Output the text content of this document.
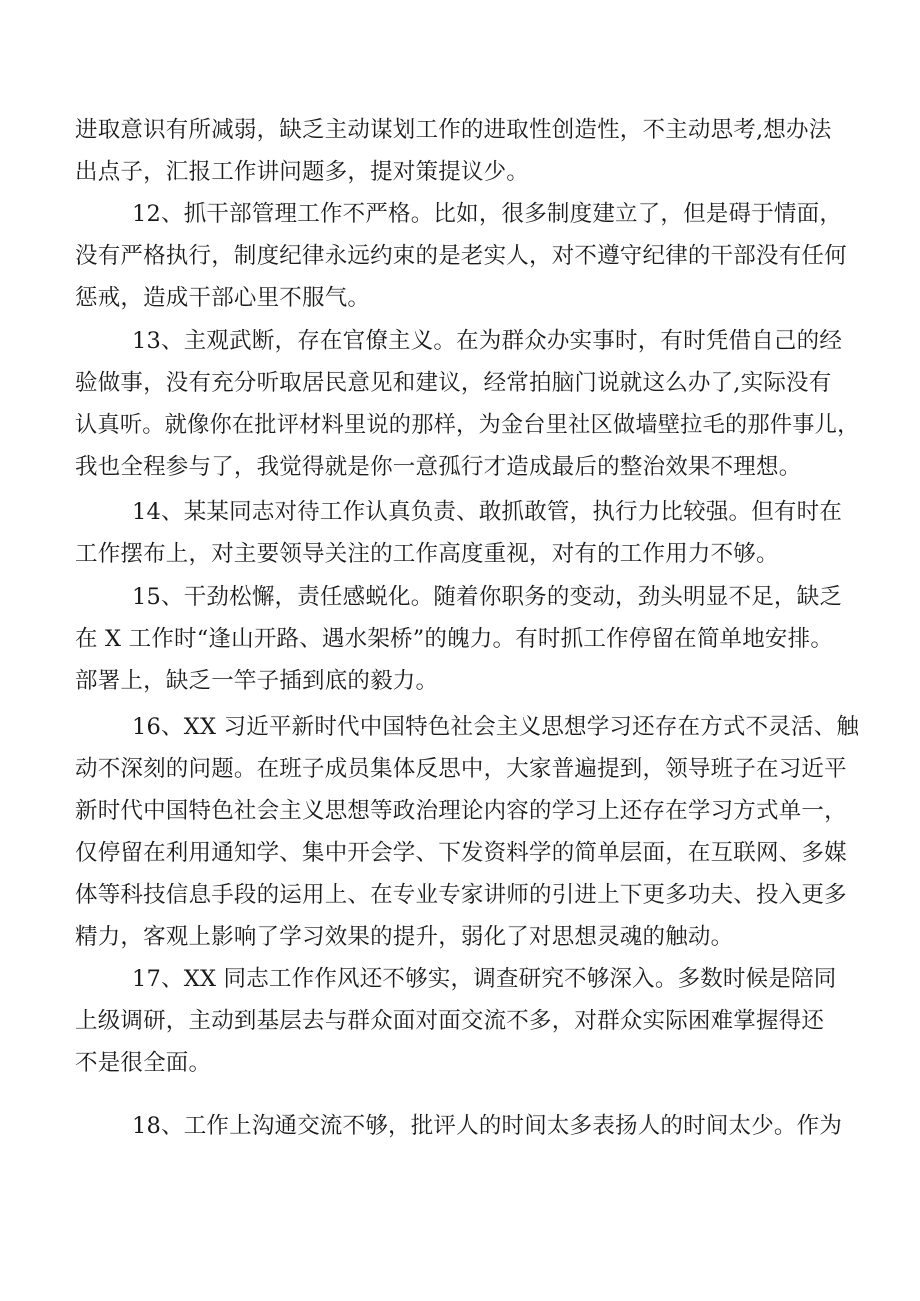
进取意识有所减弱，缺乏主动谋划工作的进取性创造性，不主动思考,想办法
出点子，汇报工作讲问题多，提对策提议少。
12、抓干部管理工作不严格。比如，很多制度建立了，但是碍于情面，
没有严格执行，制度纪律永远约束的是老实人，对不遵守纪律的干部没有任何
惩戒，造成干部心里不服气。
13、主观武断，存在官僚主义。在为群众办实事时，有时凭借自己的经
验做事，没有充分听取居民意见和建议，经常拍脑门说就这么办了,实际没有
认真听。就像你在批评材料里说的那样，为金台里社区做墙壁拉毛的那件事儿，
我也全程参与了，我觉得就是你一意孤行才造成最后的整治效果不理想。
14、某某同志对待工作认真负责、敢抓敢管，执行力比较强。但有时在
工作摆布上，对主要领导关注的工作高度重视，对有的工作用力不够。
15、干劲松懈，责任感蜕化。随着你职务的变动，劲头明显不足，缺乏
在 X 工作时“逢山开路、遇水架桥”的魄力。有时抓工作停留在简单地安排。
部署上，缺乏一竿子插到底的毅力。
16、XX 习近平新时代中国特色社会主义思想学习还存在方式不灵活、触
动不深刻的问题。在班子成员集体反思中，大家普遍提到，领导班子在习近平
新时代中国特色社会主义思想等政治理论内容的学习上还存在学习方式单一，
仅停留在利用通知学、集中开会学、下发资料学的简单层面，在互联网、多媒
体等科技信息手段的运用上、在专业专家讲师的引进上下更多功夫、投入更多
精力，客观上影响了学习效果的提升，弱化了对思想灵魂的触动。
17、XX 同志工作作风还不够实，调查研究不够深入。多数时候是陪同
上级调研，主动到基层去与群众面对面交流不多，对群众实际困难掌握得还
不是很全面。
18、工作上沟通交流不够，批评人的时间太多表扬人的时间太少。作为
